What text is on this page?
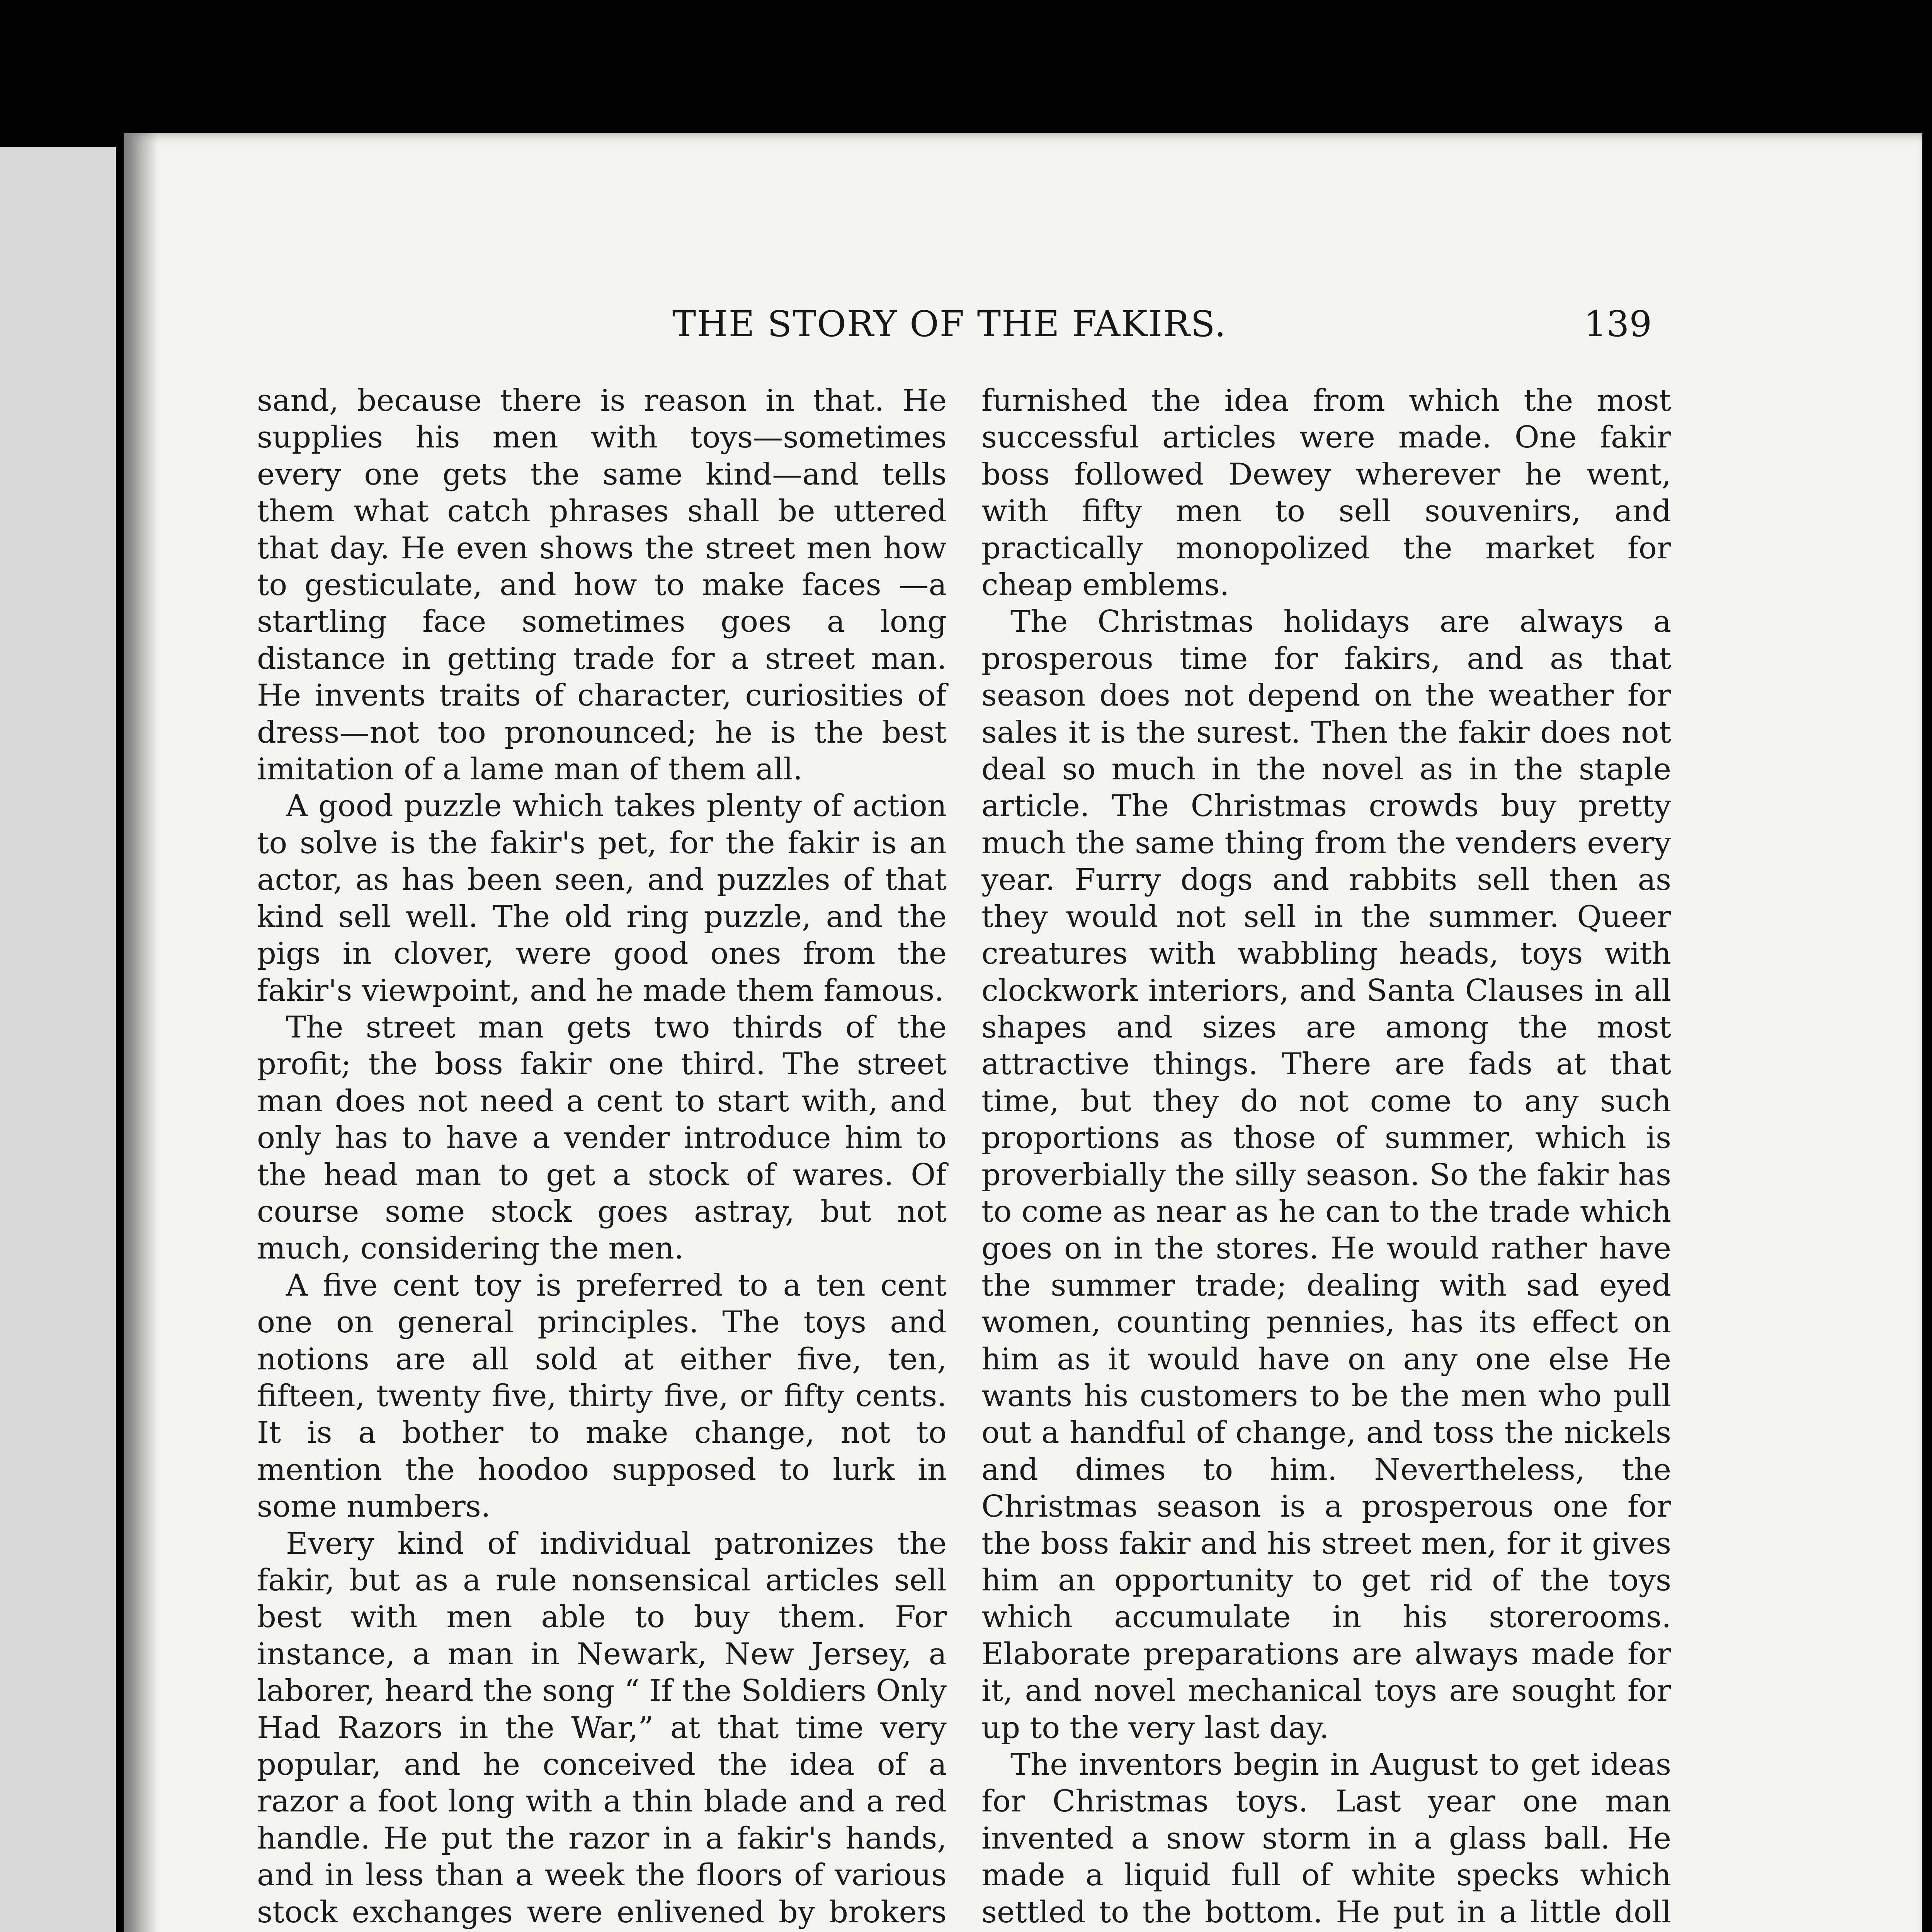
THE STORY OF THE FAKIRS.	139

sand, because there is reason in that. He supplies his men with toys—sometimes every one gets the same kind—and tells them what catch phrases shall be uttered that day. He even shows the street men how to gesticulate, and how to make faces —a startling face sometimes goes a long distance in getting trade for a street man. He invents traits of character, curiosities of dress—not too pronounced; he is the best imitation of a lame man of them all.

A good puzzle which takes plenty of action to solve is the fakir's pet, for the fakir is an actor, as has been seen, and puzzles of that kind sell well. The old ring puzzle, and the pigs in clover, were good ones from the fakir's viewpoint, and he made them famous.

The street man gets two thirds of the profit; the boss fakir one third. The street man does not need a cent to start with, and only has to have a vender introduce him to the head man to get a stock of wares. Of course some stock goes astray, but not much, considering the men.

A five cent toy is preferred to a ten cent one on general principles. The toys and notions are all sold at either five, ten, fifteen, twenty five, thirty five, or fifty cents. It is a bother to make change, not to mention the hoodoo supposed to lurk in some numbers.

Every kind of individual patronizes the fakir, but as a rule nonsensical articles sell best with men able to buy them. For instance, a man in Newark, New Jersey, a laborer, heard the song “ If the Soldiers Only Had Razors in the War,” at that time very popular, and he conceived the idea of a razor a foot long with a thin blade and a red handle. He put the razor in a fakir's hands, and in less than a week the floors of various stock exchanges were enlivened by brokers

furnished the idea from which the most successful articles were made. One fakir boss followed Dewey wherever he went, with fifty men to sell souvenirs, and practically monopolized the market for cheap emblems.

The Christmas holidays are always a prosperous time for fakirs, and as that season does not depend on the weather for sales it is the surest. Then the fakir does not deal so much in the novel as in the staple article. The Christmas crowds buy pretty much the same thing from the venders every year. Furry dogs and rabbits sell then as they would not sell in the summer. Queer creatures with wabbling heads, toys with clockwork interiors, and Santa Clauses in all shapes and sizes are among the most attractive things. There are fads at that time, but they do not come to any such proportions as those of summer, which is proverbially the silly season. So the fakir has to come as near as he can to the trade which goes on in the stores. He would rather have the summer trade; dealing with sad eyed women, counting pennies, has its effect on him as it would have on any one else He wants his customers to be the men who pull out a handful of change, and toss the nickels and dimes to him. Nevertheless, the Christmas season is a prosperous one for the boss fakir and his street men, for it gives him an opportunity to get rid of the toys which accumulate in his storerooms. Elaborate preparations are always made for it, and novel mechanical toys are sought for up to the very last day.

The inventors begin in August to get ideas for Christmas toys. Last year one man invented a snow storm in a glass ball. He made a liquid full of white specks which settled to the bottom. He put in a little doll
